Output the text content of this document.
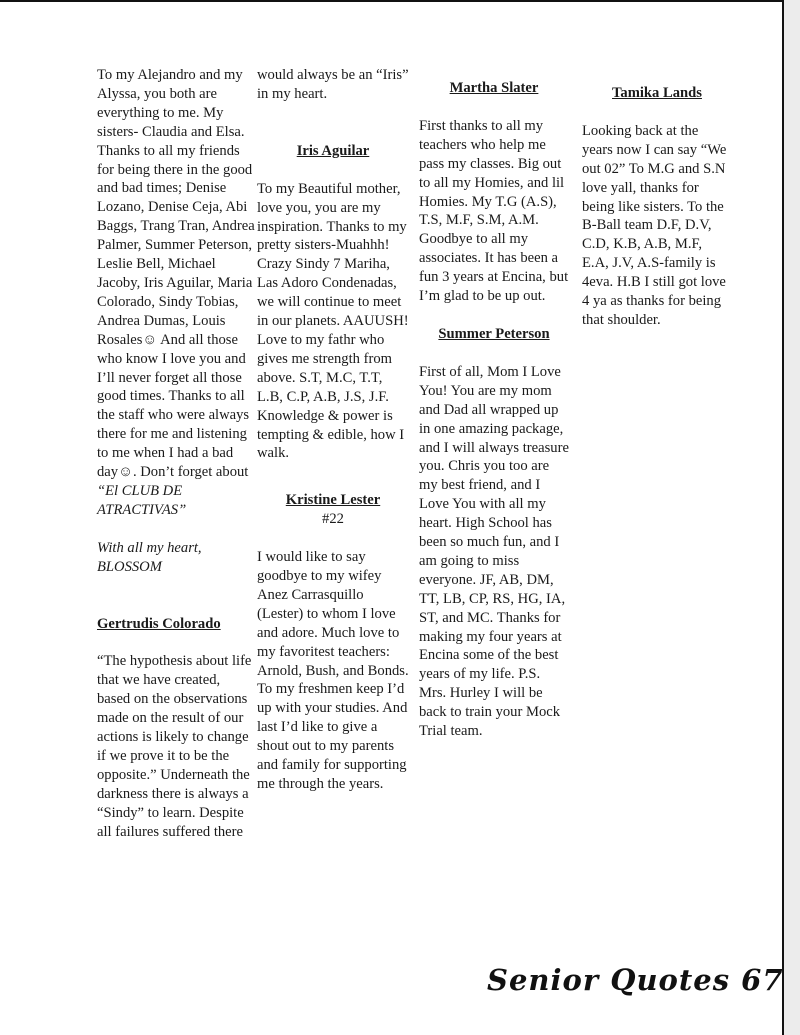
To my Alejandro and my Alyssa, you both are everything to me. My sisters- Claudia and Elsa. Thanks to all my friends for being there in the good and bad times; Denise Lozano, Denise Ceja, Abi Baggs, Trang Tran, Andrea Palmer, Summer Peterson, Leslie Bell, Michael Jacoby, Iris Aguilar, Maria Colorado, Sindy Tobias, Andrea Dumas, Louis Rosales☺ And all those who know I love you and I’ll never forget all those good times. Thanks to all the staff who were always there for me and listening to me when I had a bad day☺. Don’t forget about “El CLUB DE ATRACTIVAS”

With all my heart,

BLOSSOM

Gertrudis Colorado

“The hypothesis about life that we have created, based on the observations made on the result of our actions is likely to change if we prove it to be the opposite.” Underneath the darkness there is always a “Sindy” to learn. Despite all failures suffered there

would always be an “Iris” in my heart.

Iris Aguilar

To my Beautiful mother, love you, you are my inspiration. Thanks to my pretty sisters-Muahhh! Crazy Sindy 7 Mariha, Las Adoro Condenadas, we will continue to meet in our planets. AAUUSH! Love to my fathr who gives me strength from above. S.T, M.C, T.T, L.B, C.P, A.B, J.S, J.F. Knowledge & power is tempting & edible, how I walk.

Kristine Lester

#22

I would like to say goodbye to my wifey Anez Carrasquillo (Lester) to whom I love and adore. Much love to my favoritest teachers: Arnold, Bush, and Bonds. To my freshmen keep I’d up with your studies. And last I’d like to give a shout out to my parents and family for supporting me through the years.

Martha Slater

First thanks to all my teachers who help me pass my classes. Big out to all my Homies, and lil Homies. My T.G (A.S), T.S, M.F, S.M, A.M. Goodbye to all my associates. It has been a fun 3 years at Encina, but I’m glad to be up out.

Summer Peterson

First of all, Mom I Love You! You are my mom and Dad all wrapped up in one amazing package, and I will always treasure you. Chris you too are my best friend, and I Love You with all my heart. High School has been so much fun, and I am going to miss everyone. JF, AB, DM, TT, LB, CP, RS, HG, IA, ST, and MC. Thanks for making my four years at Encina some of the best years of my life. P.S. Mrs. Hurley I will be back to train your Mock Trial team.

Tamika Lands

Looking back at the years now I can say “We out 02” To M.G and S.N love yall, thanks for being like sisters. To the B-Ball team D.F, D.V, C.D, K.B, A.B, M.F, E.A, J.V, A.S-family is 4eva. H.B I still got love 4 ya as thanks for being that shoulder.

Senior Quotes 67
